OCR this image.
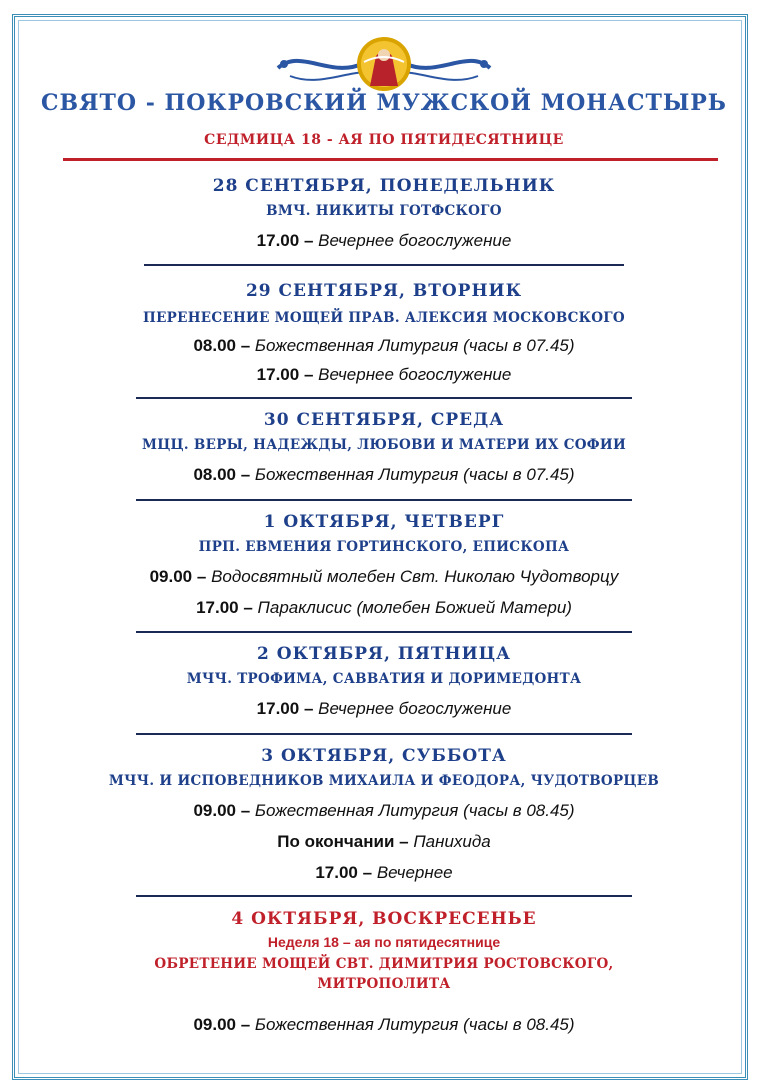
СВЯТО - ПОКРОВСКИЙ МУЖСКОЙ МОНАСТЫРЬ
СЕДМИЦА 18 - АЯ ПО ПЯТИДЕСЯТНИЦЕ
28 СЕНТЯБРЯ, ПОНЕДЕЛЬНИК
ВМЧ. НИКИТЫ ГОТФСКОГО
17.00 – Вечернее богослужение
29 СЕНТЯБРЯ, ВТОРНИК
ПЕРЕНЕСЕНИЕ МОЩЕЙ ПРАВ. АЛЕКСИЯ МОСКОВСКОГО
08.00 – Божественная Литургия (часы в 07.45)
17.00 – Вечернее богослужение
30 СЕНТЯБРЯ, СРЕДА
МЦЦ. ВЕРЫ, НАДЕЖДЫ, ЛЮБОВИ И МАТЕРИ ИХ СОФИИ
08.00 – Божественная Литургия (часы в 07.45)
1 ОКТЯБРЯ, ЧЕТВЕРГ
ПРП. ЕВМЕНИЯ ГОРТИНСКОГО, ЕПИСКОПА
09.00 – Водосвятный молебен Свт. Николаю Чудотворцу
17.00 – Параклисис (молебен Божией Матери)
2 ОКТЯБРЯ, ПЯТНИЦА
МЧЧ. ТРОФИМА, САВВАТИЯ И ДОРИМЕДОНТА
17.00 – Вечернее богослужение
3 ОКТЯБРЯ, СУББОТА
МЧЧ. И ИСПОВЕДНИКОВ МИХАИЛА И ФЕОДОРА, ЧУДОТВОРЦЕВ
09.00 – Божественная Литургия (часы в 08.45)
По окончании – Панихида
17.00 – Вечернее
4 ОКТЯБРЯ, ВОСКРЕСЕНЬЕ
Неделя 18 – ая по пятидесятнице
ОБРЕТЕНИЕ МОЩЕЙ СВТ. ДИМИТРИЯ РОСТОВСКОГО,
МИТРОПОЛИТА
09.00 – Божественная Литургия (часы в 08.45)
